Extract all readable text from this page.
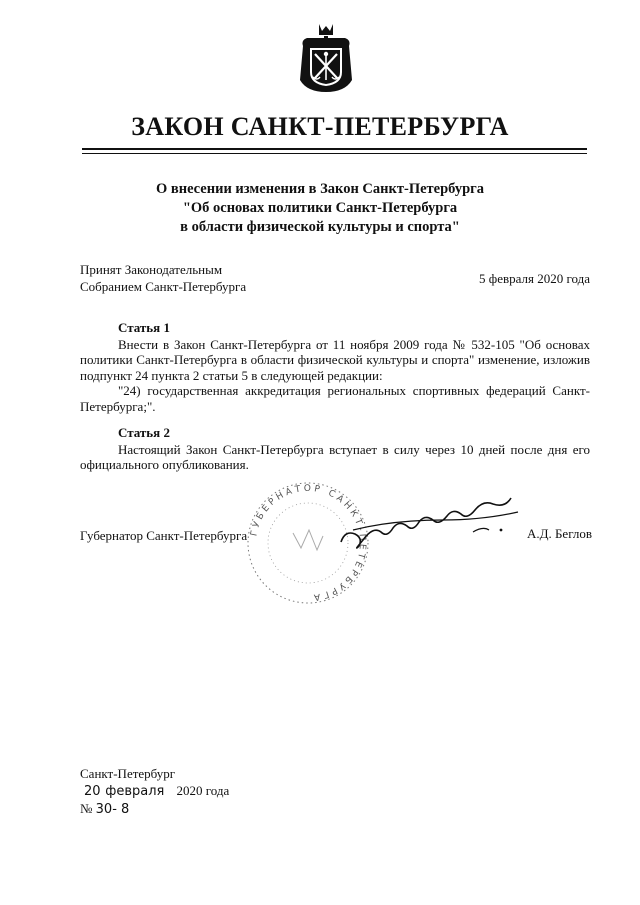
ЗАКОН САНКТ-ПЕТЕРБУРГА
О внесении изменения в Закон Санкт-Петербурга
"Об основах политики Санкт-Петербурга
в области физической культуры и спорта"
Принят Законодательным
Собранием Санкт-Петербурга
5 февраля 2020 года
Статья 1

Внести в Закон Санкт-Петербурга от 11 ноября 2009 года № 532-105 "Об основах политики Санкт-Петербурга в области физической культуры и спорта" изменение, изложив подпункт 24 пункта 2 статьи 5 в следующей редакции:

"24) государственная аккредитация региональных спортивных федераций Санкт-Петербурга;".

Статья 2

Настоящий Закон Санкт-Петербурга вступает в силу через 10 дней после дня его официального опубликования.

ГУБЕРНАТОР САНКТ-ПЕТЕРБУРГА
Губернатор Санкт-Петербурга	А.Д. Беглов
Санкт-Петербург
20 февраля 2020 года
№ 30- 8
